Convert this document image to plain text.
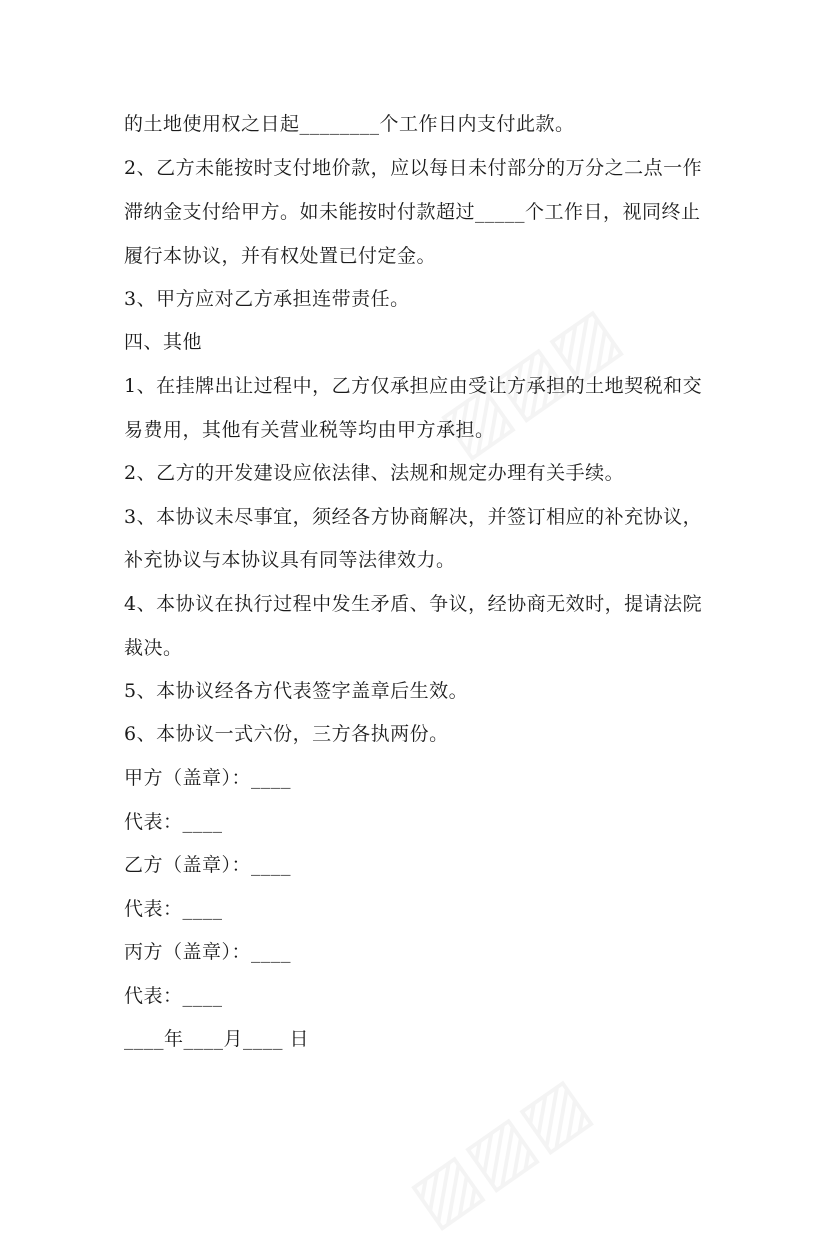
的土地使用权之日起________个工作日内支付此款。
2、乙方未能按时支付地价款，应以每日未付部分的万分之二点一作
滞纳金支付给甲方。如未能按时付款超过_____个工作日，视同终止
履行本协议，并有权处置已付定金。
3、甲方应对乙方承担连带责任。
四、其他
1、在挂牌出让过程中，乙方仅承担应由受让方承担的土地契税和交
易费用，其他有关营业税等均由甲方承担。
2、乙方的开发建设应依法律、法规和规定办理有关手续。
3、本协议未尽事宜，须经各方协商解决，并签订相应的补充协议，
补充协议与本协议具有同等法律效力。
4、本协议在执行过程中发生矛盾、争议，经协商无效时，提请法院
裁决。
5、本协议经各方代表签字盖章后生效。
6、本协议一式六份，三方各执两份。
甲方（盖章）：____
代表：____
乙方（盖章）：____
代表：____
丙方（盖章）：____
代表：____
____年____月____ 日
